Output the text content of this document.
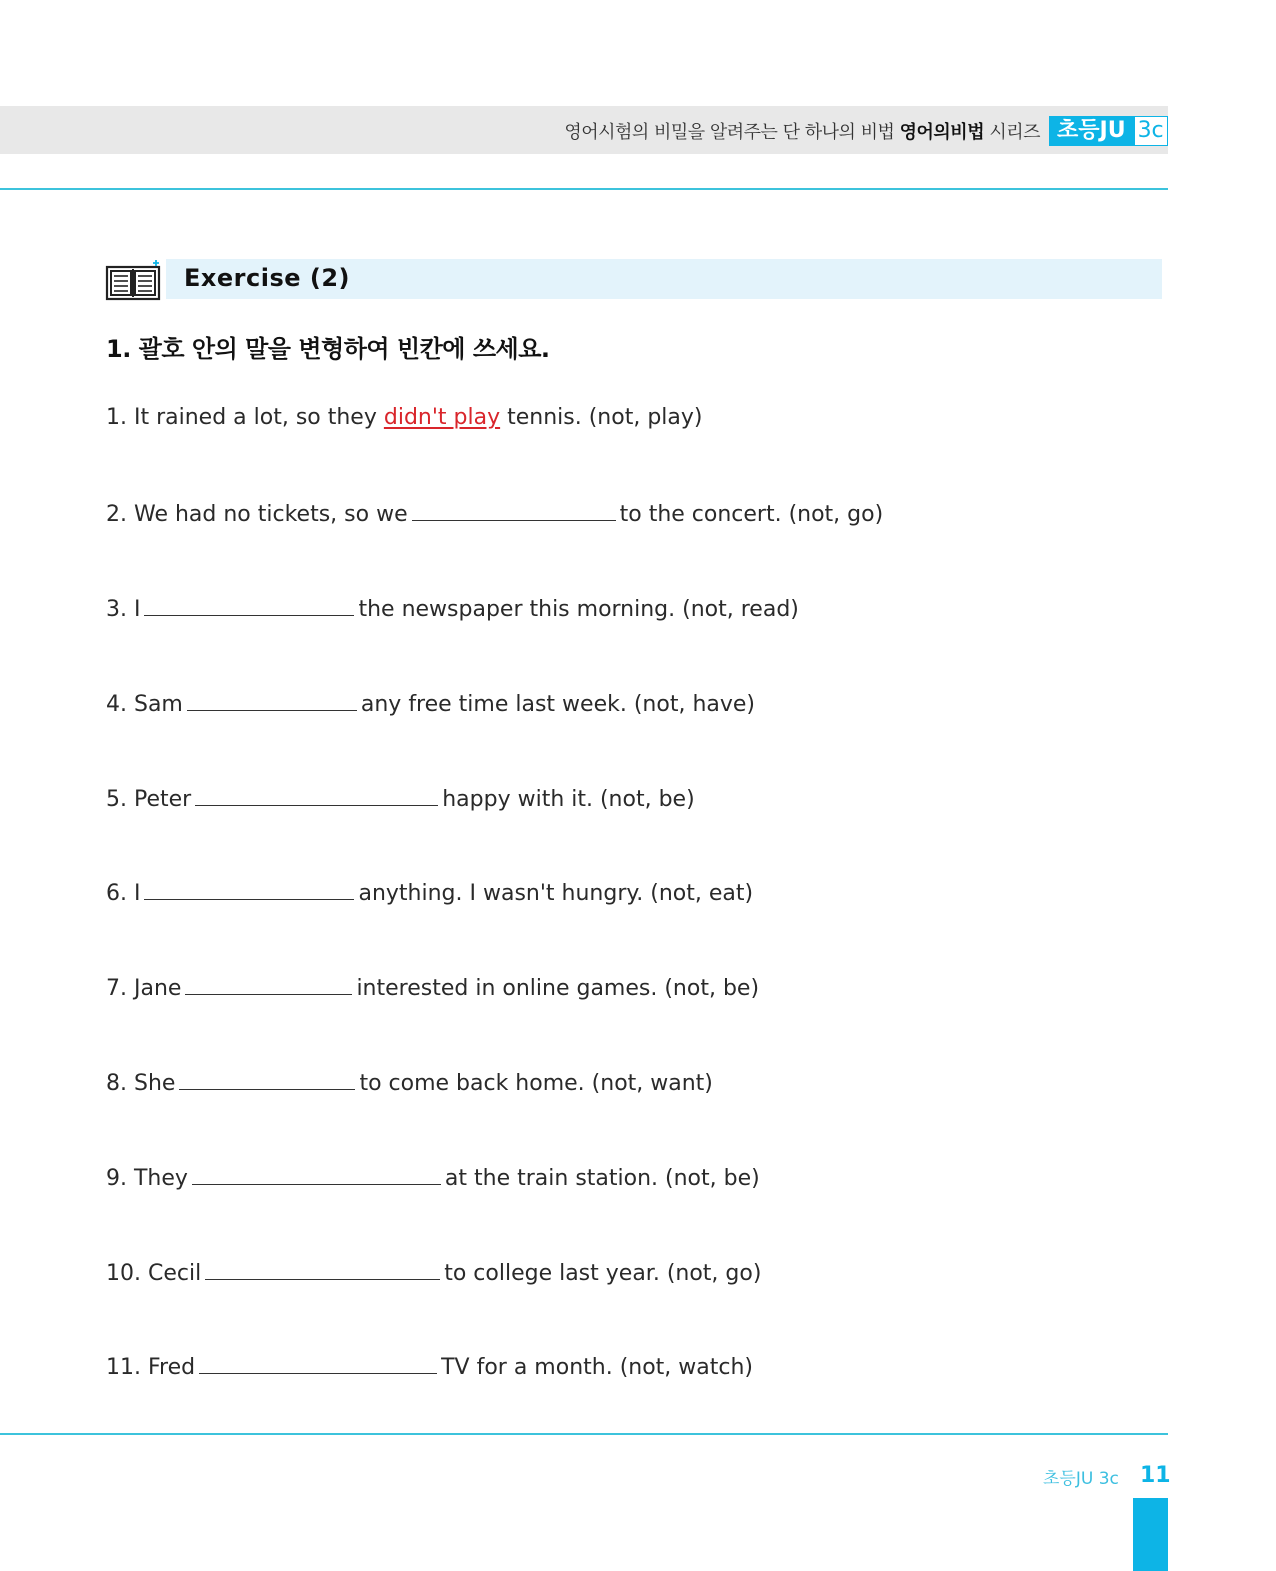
영어시험의 비밀을 알려주는 단 하나의 비법 영어의비법 시리즈 초등JU 3c
Exercise (2)
1. 괄호 안의 말을 변형하여 빈칸에 쓰세요.
1. It rained a lot, so they didn't play tennis. (not, play)
2. We had no tickets, so we	to the concert. (not, go)
3. I	the newspaper this morning. (not, read)
4. Sam	any free time last week. (not, have)
5. Peter	happy with it. (not, be)
6. I	anything. I wasn't hungry. (not, eat)
7. Jane	interested in online games. (not, be)
8. She	to come back home. (not, want)
9. They	at the train station. (not, be)
10. Cecil	to college last year. (not, go)
11. Fred	TV for a month. (not, watch)
초등JU 3c 11
